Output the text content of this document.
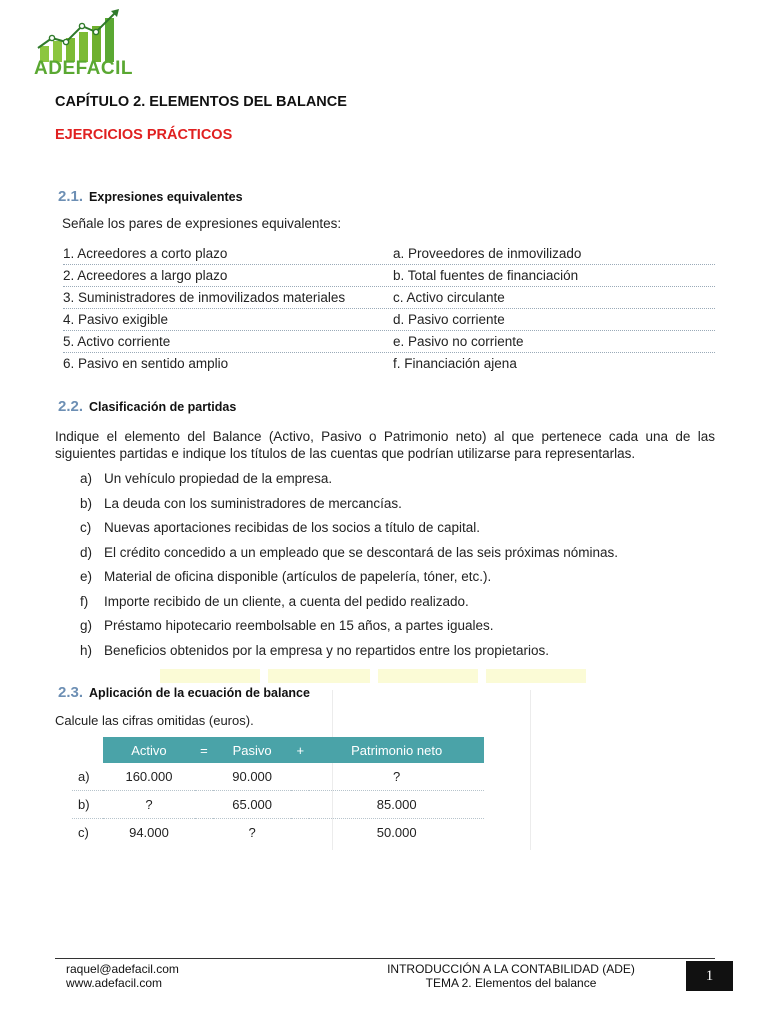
ADEFACIL
CAPÍTULO 2. ELEMENTOS DEL BALANCE
EJERCICIOS PRÁCTICOS
2.1. Expresiones equivalentes
Señale los pares de expresiones equivalentes:
1. Acreedores a corto plazo	a. Proveedores de inmovilizado
2. Acreedores a largo plazo	b. Total fuentes de financiación
3. Suministradores de inmovilizados materiales	c. Activo circulante
4. Pasivo exigible	d. Pasivo corriente
5. Activo corriente	e. Pasivo no corriente
6. Pasivo en sentido amplio	f. Financiación ajena
2.2. Clasificación de partidas
Indique el elemento del Balance (Activo, Pasivo o Patrimonio neto) al que pertenece cada una de las siguientes partidas e indique los títulos de las cuentas que podrían utilizarse para representarlas.
a) Un vehículo propiedad de la empresa.
b) La deuda con los suministradores de mercancías.
c) Nuevas aportaciones recibidas de los socios a título de capital.
d) El crédito concedido a un empleado que se descontará de las seis próximas nóminas.
e) Material de oficina disponible (artículos de papelería, tóner, etc.).
f)	Importe recibido de un cliente, a cuenta del pedido realizado.
g) Préstamo hipotecario reembolsable en 15 años, a partes iguales.
h) Beneficios obtenidos por la empresa y no repartidos entre los propietarios.
2.3. Aplicación de la ecuación de balance
Calcule las cifras omitidas (euros).
	Activo	=	Pasivo	+	Patrimonio neto
a)	160.000		90.000		?
b)	?		65.000		85.000
c)	94.000		?		50.000
raquel@adefacil.com
www.adefacil.com
INTRODUCCIÓN A LA CONTABILIDAD (ADE)
TEMA 2. Elementos del balance	1
